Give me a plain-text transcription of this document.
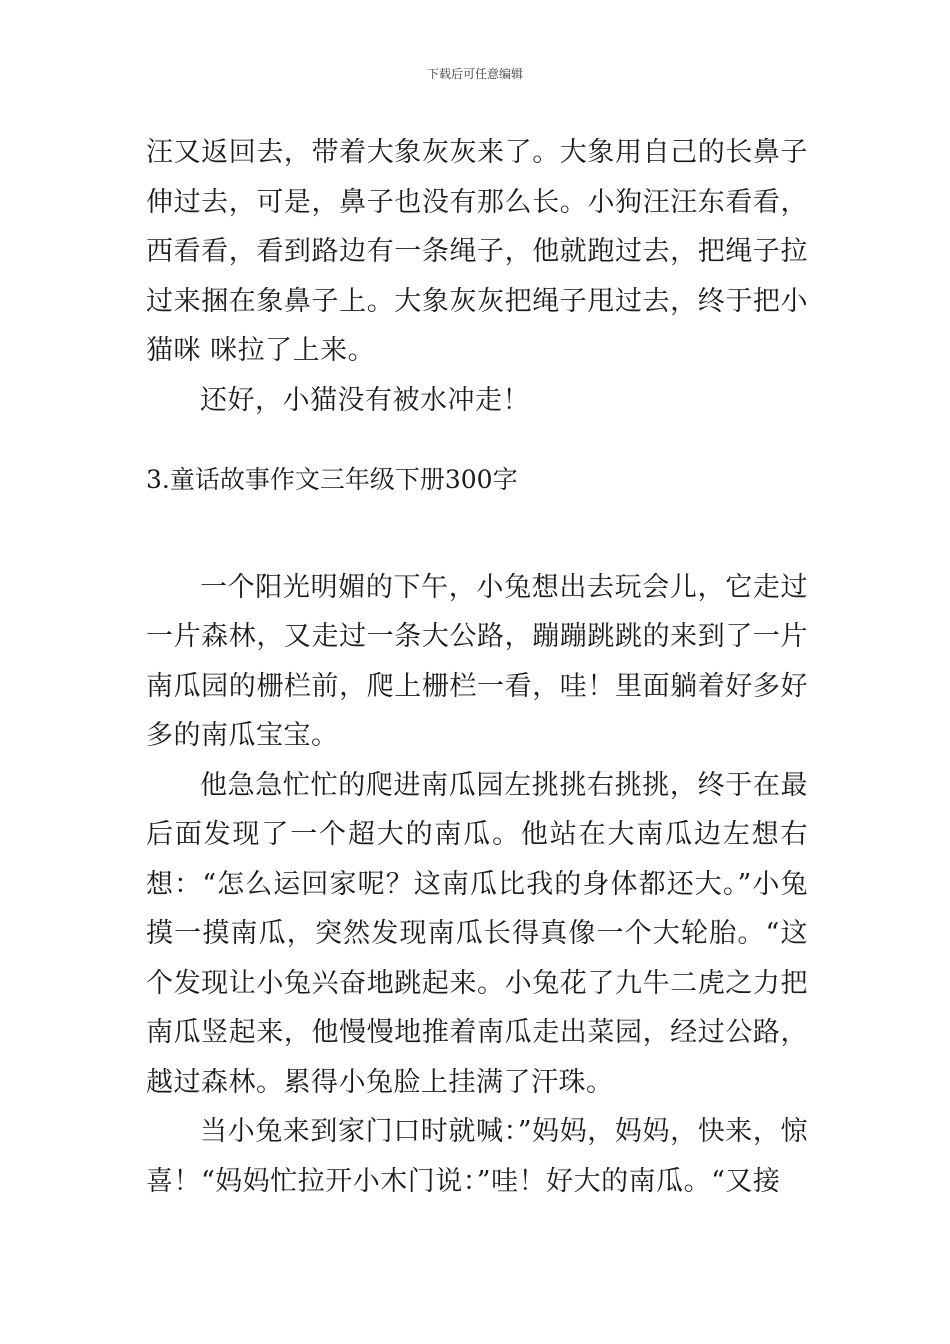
下载后可任意编辑

汪又返回去，带着大象灰灰来了。大象用自己的长鼻子伸过去，可是，鼻子也没有那么长。小狗汪汪东看看，西看看，看到路边有一条绳子，他就跑过去，把绳子拉过来捆在象鼻子上。大象灰灰把绳子甩过去，终于把小猫咪 咪拉了上来。

还好，小猫没有被水冲走！

3.童话故事作文三年级下册300字

一个阳光明媚的下午，小兔想出去玩会儿，它走过一片森林，又走过一条大公路，蹦蹦跳跳的来到了一片南瓜园的栅栏前，爬上栅栏一看，哇！里面躺着好多好多的南瓜宝宝。

他急急忙忙的爬进南瓜园左挑挑右挑挑，终于在最后面发现了一个超大的南瓜。他站在大南瓜边左想右想：“怎么运回家呢？这南瓜比我的身体都还大。”小兔摸一摸南瓜，突然发现南瓜长得真像一个大轮胎。“这个发现让小兔兴奋地跳起来。小兔花了九牛二虎之力把南瓜竖起来，他慢慢地推着南瓜走出菜园，经过公路，越过森林。累得小兔脸上挂满了汗珠。

当小兔来到家门口时就喊：”妈妈，妈妈，快来，惊喜！“妈妈忙拉开小木门说：”哇！好大的南瓜。“又接
